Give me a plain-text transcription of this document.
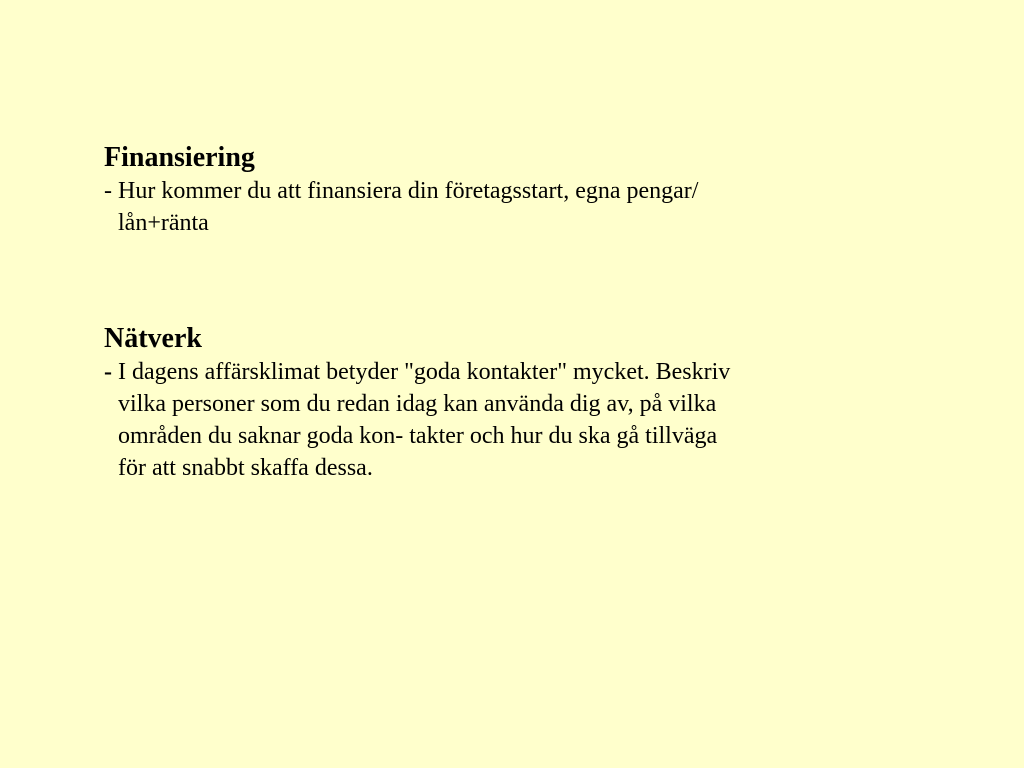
Finansiering

- Hur kommer du att finansiera din företagsstart, egna pengar/
lån+ränta

Nätverk

- I dagens affärsklimat betyder "goda kontakter" mycket. Beskriv
vilka personer som du redan idag kan använda dig av, på vilka
områden du saknar goda kon- takter och hur du ska gå tillväga
för att snabbt skaffa dessa.
